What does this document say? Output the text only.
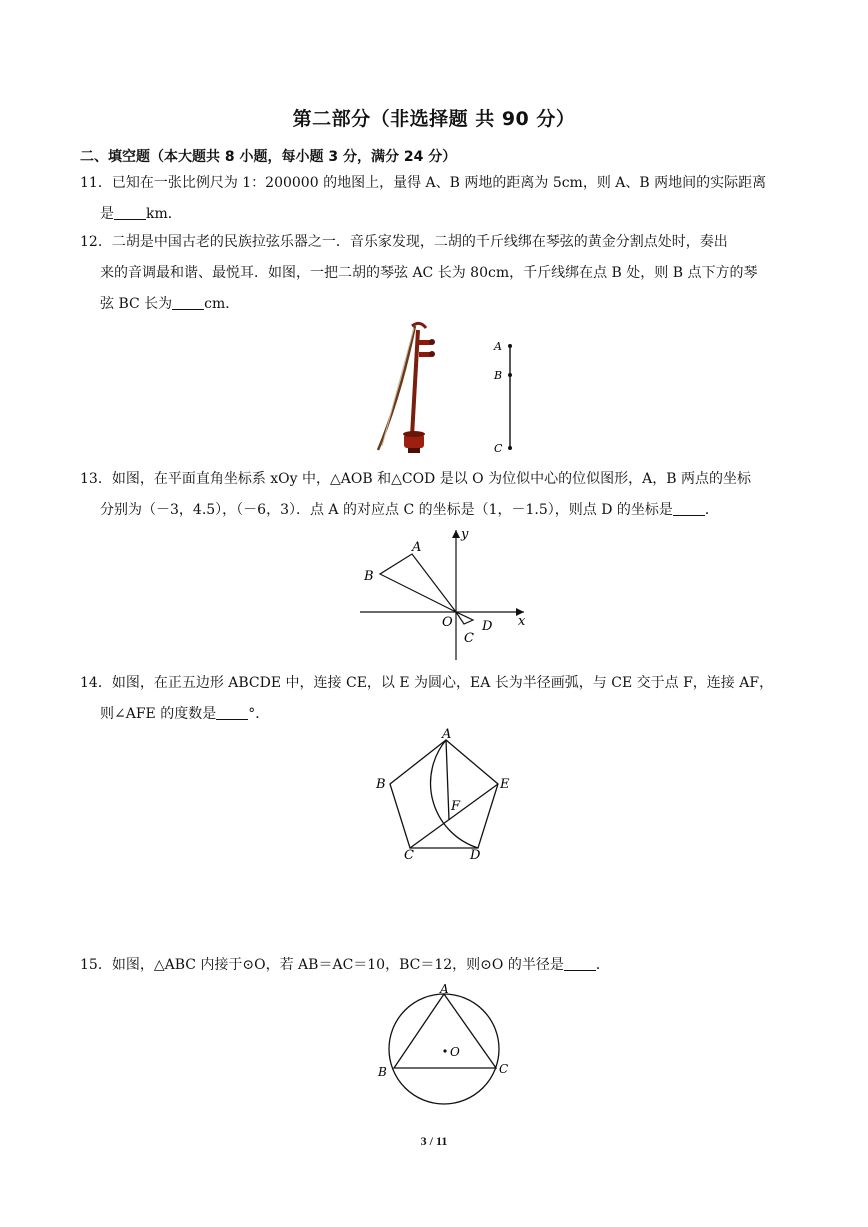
第二部分（非选择题 共 90 分）
二、填空题（本大题共 8 小题，每小题 3 分，满分 24 分）
11．已知在一张比例尺为 1：200000 的地图上，量得 A、B 两地的距离为 5cm，则 A、B 两地间的实际距离
是 km．
12．二胡是中国古老的民族拉弦乐器之一．音乐家发现，二胡的千斤线绑在琴弦的黄金分割点处时，奏出
来的音调最和谐、最悦耳．如图，一把二胡的琴弦 AC 长为 80cm，千斤线绑在点 B 处，则 B 点下方的琴
弦 BC 长为 cm．
A
B
C
13．如图，在平面直角坐标系 xOy 中，△AOB 和△COD 是以 O 为位似中心的位似图形，A，B 两点的坐标
分别为（－3，4.5），（－6，3）．点 A 的对应点 C 的坐标是（1，－1.5），则点 D 的坐标是 ．
A
B
O
C
D x
y
14．如图，在正五边形 ABCDE 中，连接 CE，以 E 为圆心，EA 长为半径画弧，与 CE 交于点 F，连接 AF，
则∠AFE 的度数是 °．
A
B
C	D
E
F
15．如图，△ABC 内接于⊙O，若 AB＝AC＝10，BC＝12，则⊙O 的半径是 ．
A
B	C
O
3 / 11
